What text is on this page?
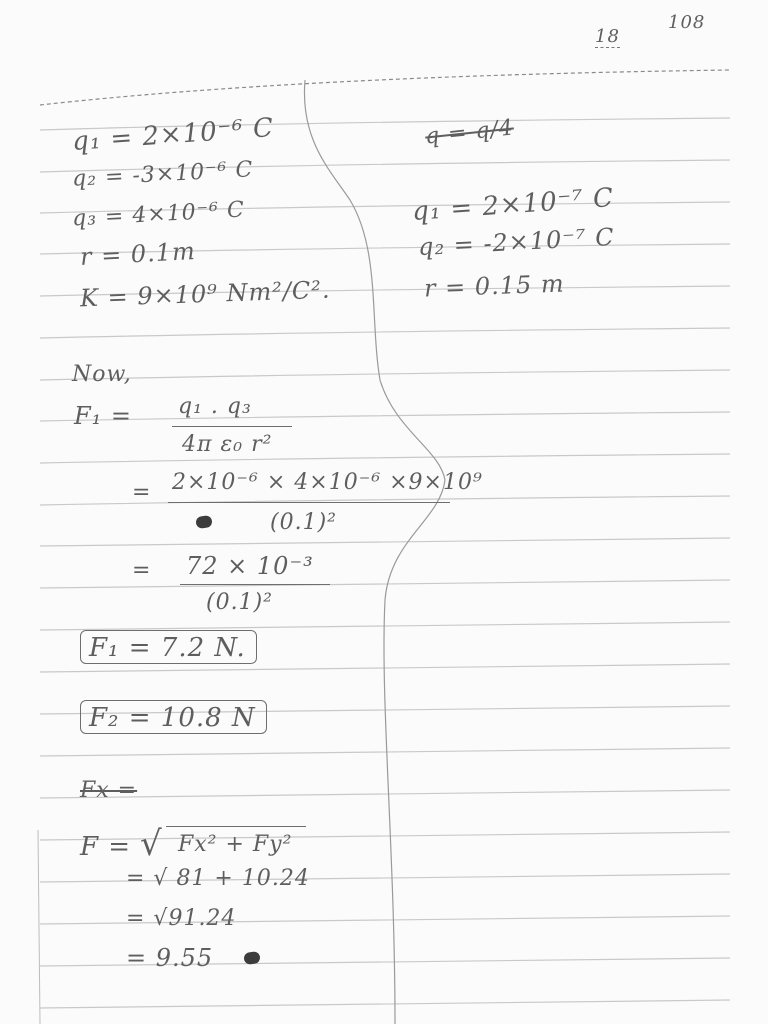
18
108
q₁ = 2×10⁻⁶ C
q₂ = -3×10⁻⁶ C
q₃ = 4×10⁻⁶ C
r = 0.1m
K = 9×10⁹ Nm²/C².
q = q/4
q₁ = 2×10⁻⁷ C
q₂ = -2×10⁻⁷ C
r = 0.15 m
Now,
F₁ = q₁ . q₃
4π ε₀ r²
= 2×10⁻⁶ × 4×10⁻⁶ ×9×10⁹
(0.1)²
= 72 × 10⁻³
(0.1)²
F₁ = 7.2 N.
F₂ = 10.8 N
Fx =
F = √ Fx² + Fy²
= √ 81 + 10.24
= √91.24
= 9.55
